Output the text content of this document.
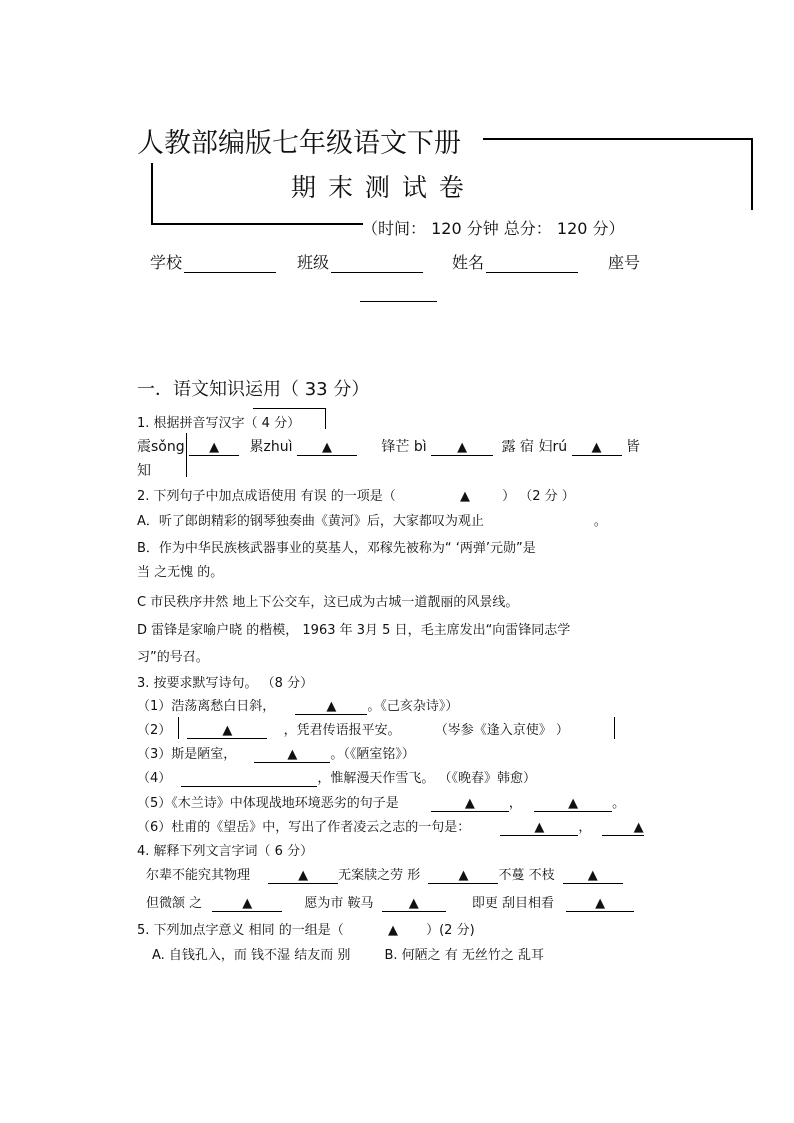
人教部编版七年级语文下册
期 末 测 试 卷
（时间： 120 分钟 总分： 120 分）
学校	班级	姓名	座号
一．语文知识运用（ 33 分）
1. 根据拼音写汉字（ 4 分）
震sǒng ▲ 累zhuì ▲	锋芒 bì ▲ 露 宿 妇rú ▲ 皆
知
2. 下列句子中加点成语使用 有误 的一项是（	▲ ） （2 分 ）
A．听了郎朗精彩的钢琴独奏曲《黄河》后，大家都叹为观止	。
B．作为中华民族核武器事业的莫基人，邓稼先被称为“ ‘两弹’元勋”是
当 之无愧 的。
C 市民秩序井然 地上下公交车，这已成为古城一道靓丽的风景线。
D 雷锋是家喻户晓 的楷模， 1963 年 3月 5 日，毛主席发出“向雷锋同志学
习”的号召。
3. 按要求默写诗句。 （8 分）
（1）浩荡离愁白日斜，	▲ 。《己亥杂诗》）
（2）	▲	，凭君传语报平安。	（岑参《逢入京使》 ）
（3）斯是陋室，	▲	。（《陋室铭》）
（4）	，惟解漫天作雪飞。 （《晚春》韩愈）
（5）《木兰诗》中体现战地环境恶劣的句子是	▲	，	▲	。
（6）杜甫的《望岳》中，写出了作者凌云之志的一句是：	▲	，	▲
4. 解释下列文言字词（ 6 分）
尔辈不能究其物理	▲ 无案牍之劳 形	▲ 不蔓 不枝	▲
但微颔 之	▲	愿为市 鞍马	▲	即更 刮目相看	▲
5. 下列加点字意义 相同 的一组是（	▲ ）(2 分)
A. 自钱孔入，而 钱不湿 结友而 别	B. 何陋之 有 无丝竹之 乱耳
